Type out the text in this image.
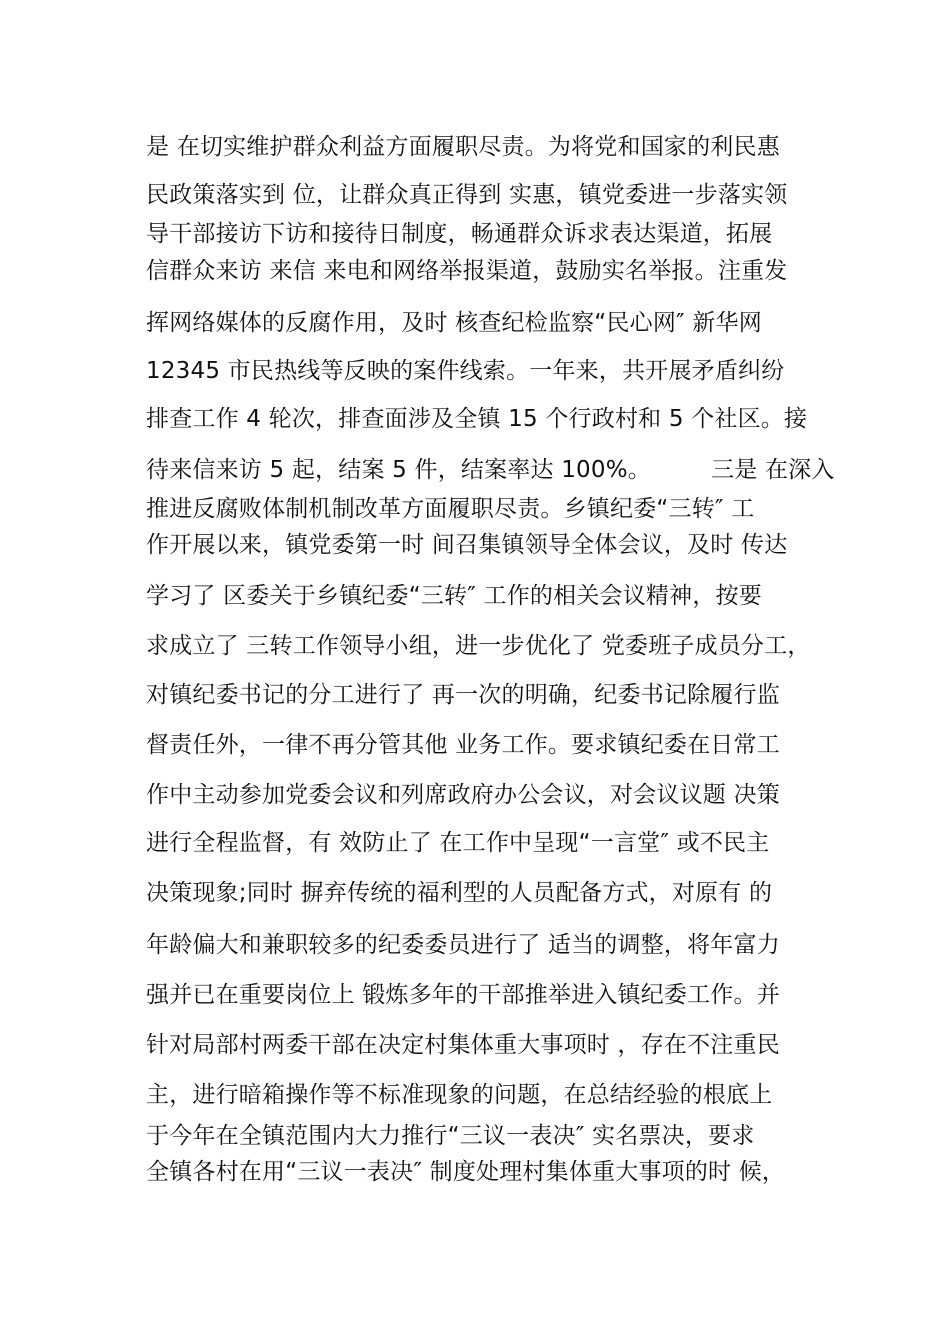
是 在切实维护群众利益方面履职尽责。为将党和国家的利民惠
民政策落实到 位，让群众真正得到 实惠，镇党委进一步落实领
导干部接访下访和接待日制度，畅通群众诉求表达渠道，拓展
信群众来访 来信 来电和网络举报渠道，鼓励实名举报。注重发
挥网络媒体的反腐作用，及时 核查纪检监察“民心网″ 新华网
12345 市民热线等反映的案件线索。一年来，共开展矛盾纠纷
排查工作 4 轮次，排查面涉及全镇 15 个行政村和 5 个社区。接
待来信来访 5 起，结案 5 件，结案率达 100%。        三是 在深入
推进反腐败体制机制改革方面履职尽责。乡镇纪委“三转″ 工
作开展以来，镇党委第一时 间召集镇领导全体会议，及时 传达
学习了 区委关于乡镇纪委“三转″ 工作的相关会议精神，按要
求成立了 三转工作领导小组，进一步优化了 党委班子成员分工，
对镇纪委书记的分工进行了 再一次的明确，纪委书记除履行监
督责任外，一律不再分管其他 业务工作。要求镇纪委在日常工
作中主动参加党委会议和列席政府办公会议，对会议议题 决策
进行全程监督，有 效防止了 在工作中呈现“一言堂″ 或不民主
决策现象;同时 摒弃传统的福利型的人员配备方式，对原有 的
年龄偏大和兼职较多的纪委委员进行了 适当的调整，将年富力
强并已在重要岗位上 锻炼多年的干部推举进入镇纪委工作。并
针对局部村两委干部在决定村集体重大事项时 ，存在不注重民
主，进行暗箱操作等不标准现象的问题，在总结经验的根底上
于今年在全镇范围内大力推行“三议一表决″ 实名票决，要求
全镇各村在用“三议一表决″ 制度处理村集体重大事项的时 候，
